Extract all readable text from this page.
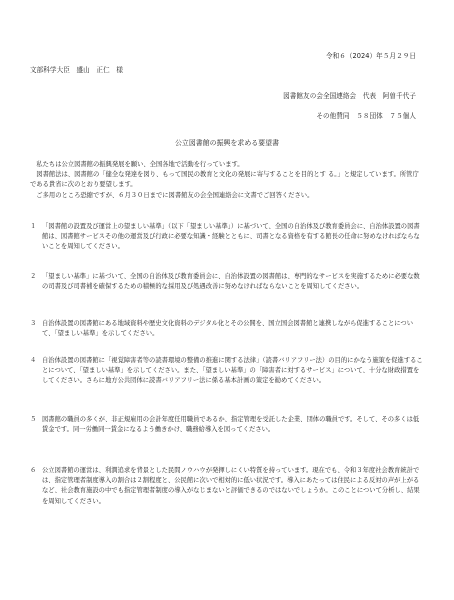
令和６（2024）年５月２９日
文部科学大臣　盛山　正仁　様
図書館友の会全国連絡会　代表　阿曽千代子
その他賛同　５８団体　７５個人
公立図書館の振興を求める要望書

私たちは公立図書館の振興発展を願い、全国各地で活動を行っています。

図書館法は、図書館の「健全な発達を図り、もって国民の教育と文化の発展に寄与することを目的とす る。」と規定しています。所管庁である貴省に次のとおり要望します。

ご多用のところ恐縮ですが、６月３０日までに図書館友の会全国連絡会に文書でご回答ください。

１ 「図書館の設置及び運営上の望ましい基準」（以下「望ましい基準」）に基づいて、全国の自治体及び教育委員会に、自治体設置の図書館は、図書館サービスその他の運営及び行政に必要な知識・経験とともに、司書となる資格を有する館長の任命に努めなければならないことを周知してください。
２ 「望ましい基準」に基づいて、全国の自治体及び教育委員会に、自治体設置の図書館は、専門的なサービスを実施するために必要な数の司書及び司書補を確保するための積極的な採用及び処遇改善に努めなければならないことを周知してください。
３ 自治体設置の図書館にある地域資料や歴史文化資料のデジタル化とその公開を、国立国会図書館と連携しながら促進することについて、「望ましい基準」を示してください。
４ 自治体設置の図書館に「視覚障害者等の読書環境の整備の推進に関する法律」（読書バリアフリー法）の目的にかなう施策を促進することについて、「望ましい基準」を示してください。また、「望ましい基準」の「障害者に対するサービス」について、十分な財政措置をしてください。さらに地方公共団体に読書バリアフリー法に係る基本計画の策定を勧めてください。
５ 図書館の職員の多くが、非正規雇用の会計年度任用職員であるか、指定管理を受託した企業、団体の職員です。そして、その多くは低賃金です。同一労働同一賃金になるよう働きかけ、職務給導入を図ってください。
６ 公立図書館の運営は、利潤追求を背景とした民間ノウハウが発揮しにくい特質を持っています。現在でも、令和３年度社会教育統計では、指定管理者制度導入の割合は２割程度と、公民館に次いで相対的に低い状況です。導入にあたっては住民による反対の声が上がるなど、社会教育施設の中でも指定管理者制度の導入がなじまないと評価できるのではないでしょうか。このことについて分析し、結果を周知してください。
